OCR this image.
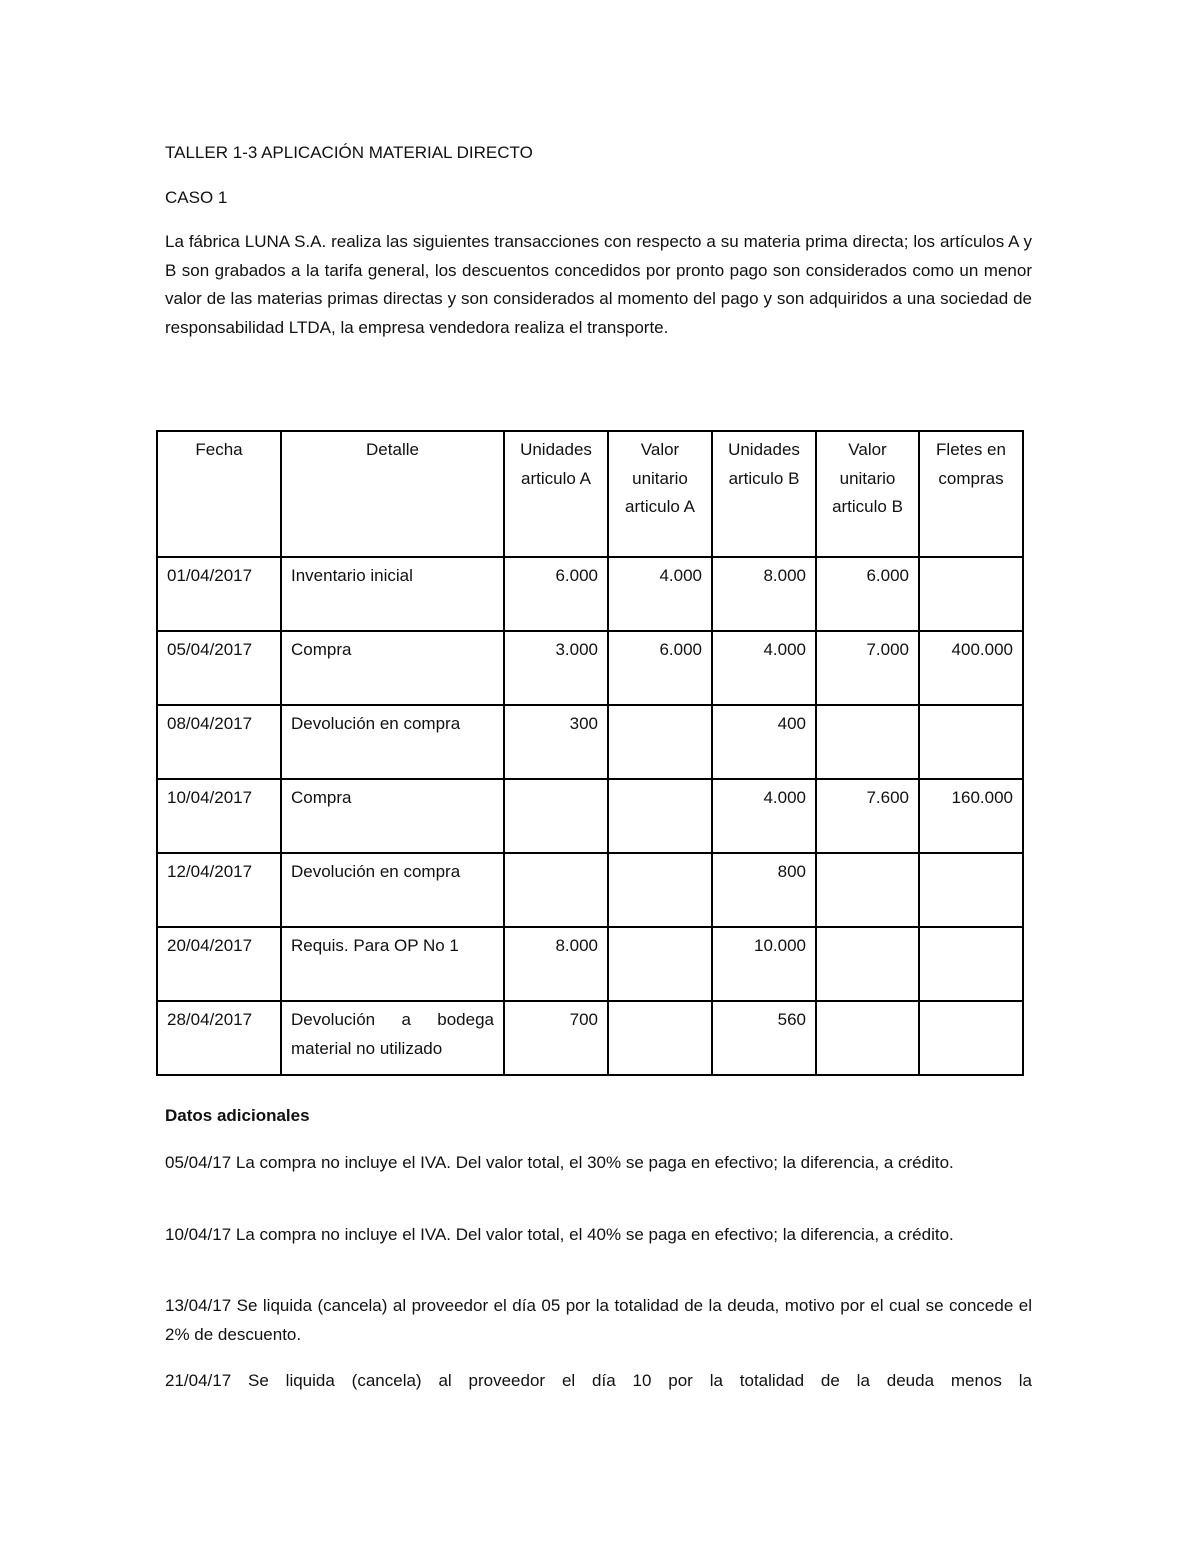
TALLER 1-3 APLICACIÓN MATERIAL DIRECTO
CASO 1

La fábrica LUNA S.A. realiza las siguientes transacciones con respecto a su materia prima directa; los artículos A y B son grabados a la tarifa general, los descuentos concedidos por pronto pago son considerados como un menor valor de las materias primas directas y son considerados al momento del pago y son adquiridos a una sociedad de responsabilidad LTDA, la empresa vendedora realiza el transporte.

Fecha	Detalle	Unidades articulo A	Valor unitario articulo A	Unidades articulo B	Valor unitario articulo B	Fletes en compras
01/04/2017	Inventario inicial	6.000	4.000	8.000	6.000	
05/04/2017	Compra	3.000	6.000	4.000	7.000	400.000
08/04/2017	Devolución en compra	300		400		
10/04/2017	Compra			4.000	7.600	160.000
12/04/2017	Devolución en compra			800		
20/04/2017	Requis. Para OP No 1	8.000		10.000		
28/04/2017	Devolución a bodega material no utilizado	700		560		
Datos adicionales

05/04/17 La compra no incluye el IVA. Del valor total, el 30% se paga en efectivo; la diferencia, a crédito.

10/04/17 La compra no incluye el IVA. Del valor total, el 40% se paga en efectivo; la diferencia, a crédito.

13/04/17 Se liquida (cancela) al proveedor el día 05 por la totalidad de la deuda, motivo por el cual se concede el 2% de descuento.

21/04/17 Se liquida (cancela) al proveedor el día 10 por la totalidad de la deuda menos la
